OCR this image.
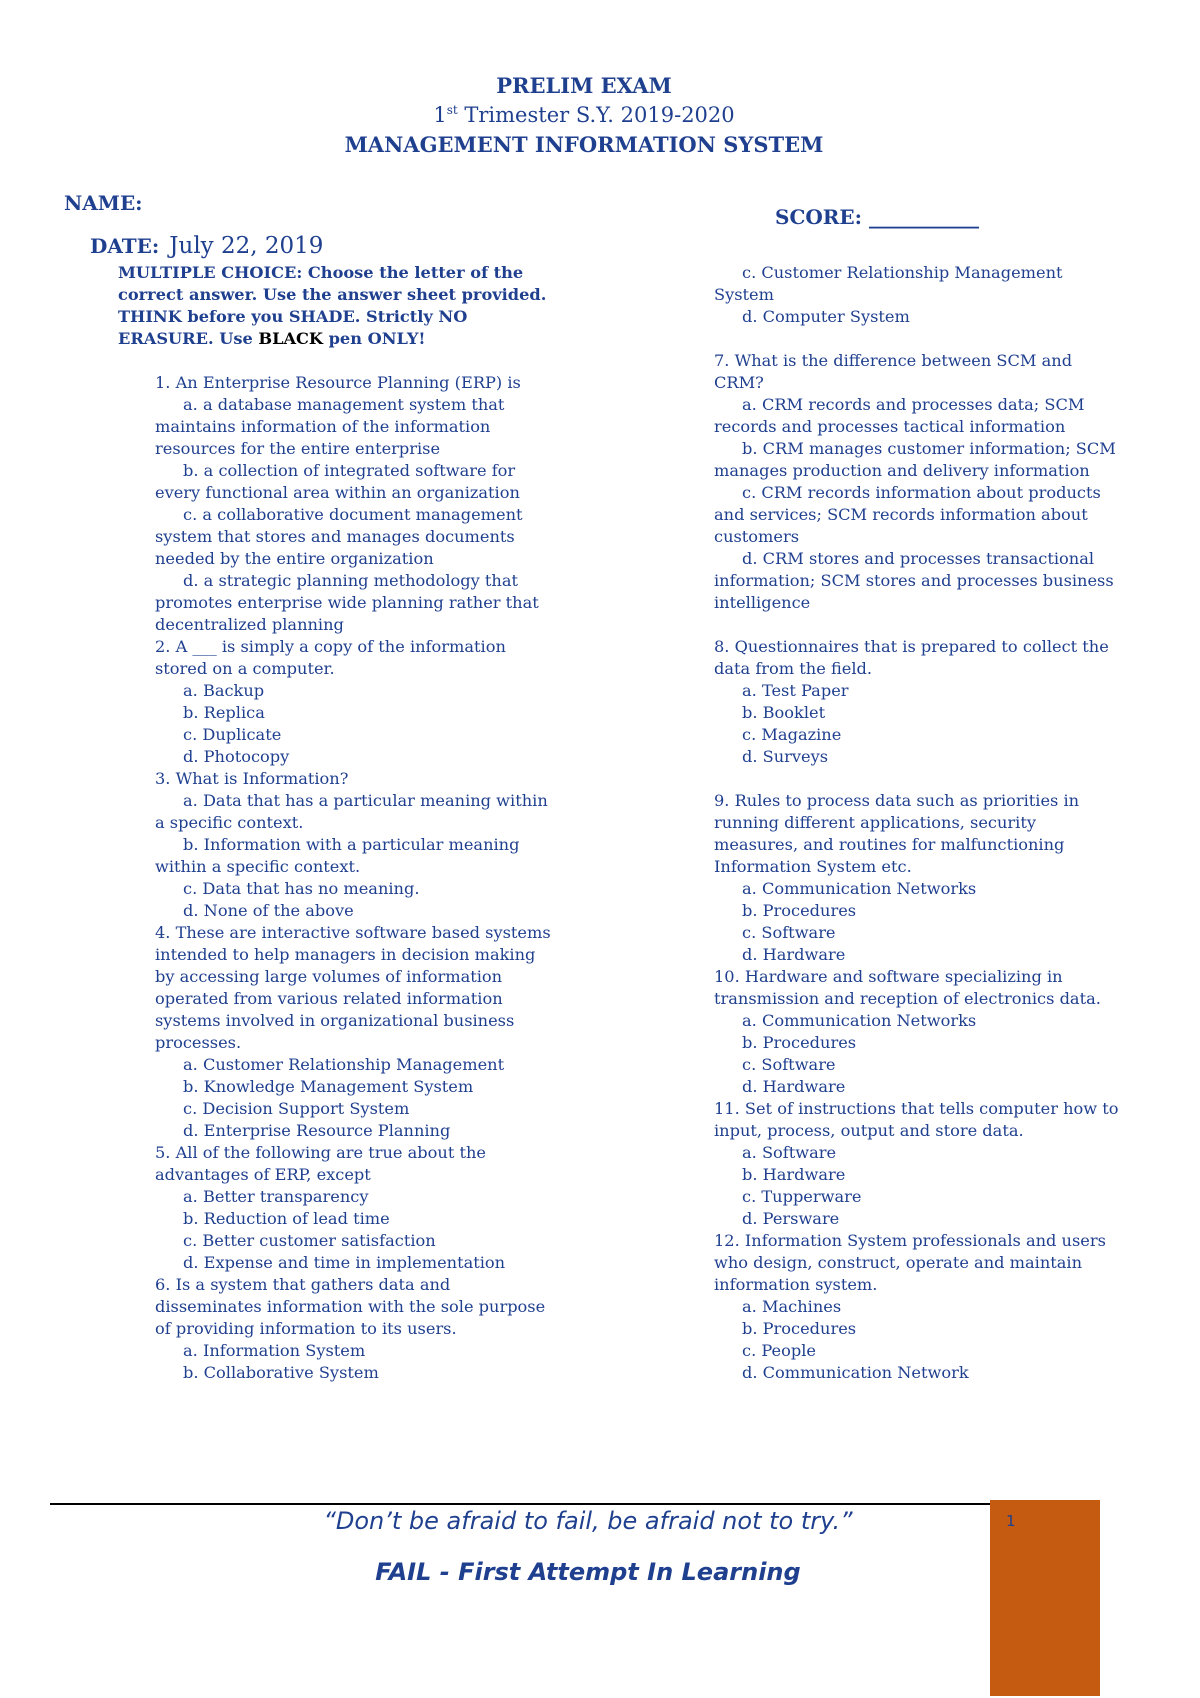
PRELIM EXAM
1st Trimester S.Y. 2019-2020
MANAGEMENT INFORMATION SYSTEM
NAME:
SCORE: ___________
DATE: July 22, 2019

MULTIPLE CHOICE: Choose the letter of the correct answer. Use the answer sheet provided. THINK before you SHADE. Strictly NO ERASURE. Use BLACK pen ONLY!

1. An Enterprise Resource Planning (ERP) is

a. a database management system that maintains information of the information resources for the entire enterprise

b. a collection of integrated software for every functional area within an organization

c. a collaborative document management system that stores and manages documents needed by the entire organization

d. a strategic planning methodology that promotes enterprise wide planning rather that decentralized planning

2. A ___ is simply a copy of the information stored on a computer.

a. Backup

b. Replica

c. Duplicate

d. Photocopy

3. What is Information?

a. Data that has a particular meaning within a specific context.

b. Information with a particular meaning within a specific context.

c. Data that has no meaning.

d. None of the above

4. These are interactive software based systems intended to help managers in decision making by accessing large volumes of information operated from various related information systems involved in organizational business processes.

a. Customer Relationship Management

b. Knowledge Management System

c. Decision Support System

d. Enterprise Resource Planning

5. All of the following are true about the advantages of ERP, except

a. Better transparency

b. Reduction of lead time

c. Better customer satisfaction

d. Expense and time in implementation

6. Is a system that gathers data and disseminates information with the sole purpose of providing information to its users.

a. Information System

b. Collaborative System

c. Customer Relationship Management System

d. Computer System

7. What is the difference between SCM and CRM?

a. CRM records and processes data; SCM records and processes tactical information

b. CRM manages customer information; SCM manages production and delivery information

c. CRM records information about products and services; SCM records information about customers

d. CRM stores and processes transactional information; SCM stores and processes business intelligence

8. Questionnaires that is prepared to collect the data from the field.

a. Test Paper

b. Booklet

c. Magazine

d. Surveys

9. Rules to process data such as priorities in running different applications, security measures, and routines for malfunctioning Information System etc.

a. Communication Networks

b. Procedures

c. Software

d. Hardware

10. Hardware and software specializing in transmission and reception of electronics data.

a. Communication Networks

b. Procedures

c. Software

d. Hardware

11. Set of instructions that tells computer how to input, process, output and store data.

a. Software

b. Hardware

c. Tupperware

d. Persware

12. Information System professionals and users who design, construct, operate and maintain information system.

a. Machines

b. Procedures

c. People

d. Communication Network

1
“Don’t be afraid to fail, be afraid not to try.”
FAIL - First Attempt In Learning
